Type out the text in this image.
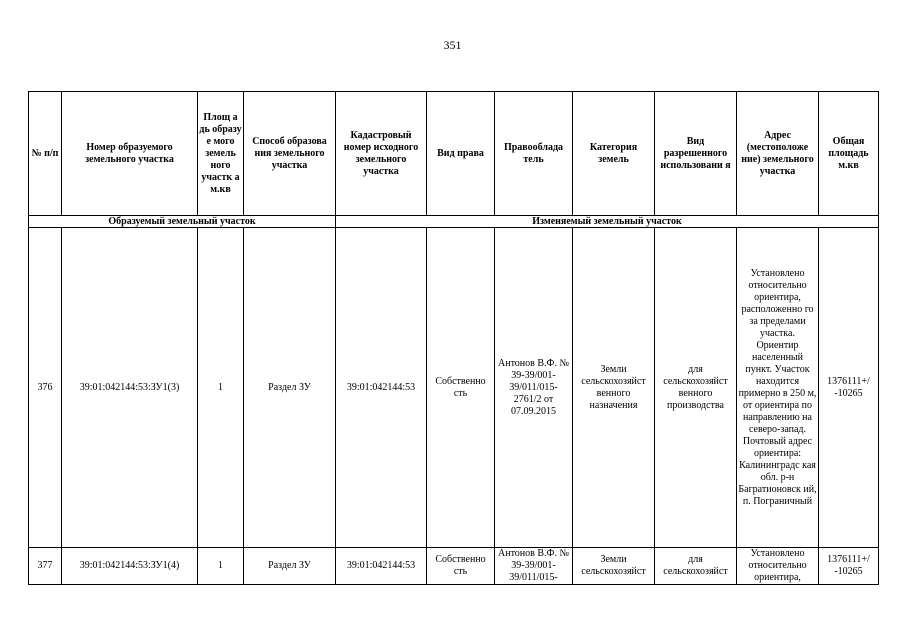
351
№ п/п	Номер образуемого земельного участка	Площ а дь образу е мого земель ного участк а м.кв	Способ образова ния земельного участка	Кадастровый номер исходного земельного участка	Вид права	Правооблада тель	Категория земель	Вид разрешенного использовани я	Адрес (местоположе ние) земельного участка	Общая площадь м.кв
Образуемый земельный участок				Изменяемый земельный участок						
376	39:01:042144:53:ЗУ1(3)	1	Раздел ЗУ	39:01:042144:53	Собственно сть	Антонов В.Ф. № 39-39/001-39/011/015-2761/2 от 07.09.2015	Земли сельскохозяйст венного назначения	для сельскохозяйст венного производства	Установлено относительно ориентира, расположенно го за пределами участка. Ориентир населенный пункт. Участок находится примерно в 250 м, от ориентира по направлению на северо-запад. Почтовый адрес ориентира: Калининградс кая обл. р-н Багратионовск ий, п. Пограничный	1376111+/ -10265

377	39:01:042144:53:ЗУ1(4)	1	Раздел ЗУ	39:01:042144:53	Собственно сть	Антонов В.Ф. № 39-39/001-39/011/015-	Земли сельскохозяйст	для сельскохозяйст	Установлено относительно ориентира,	1376111+/ -10265
